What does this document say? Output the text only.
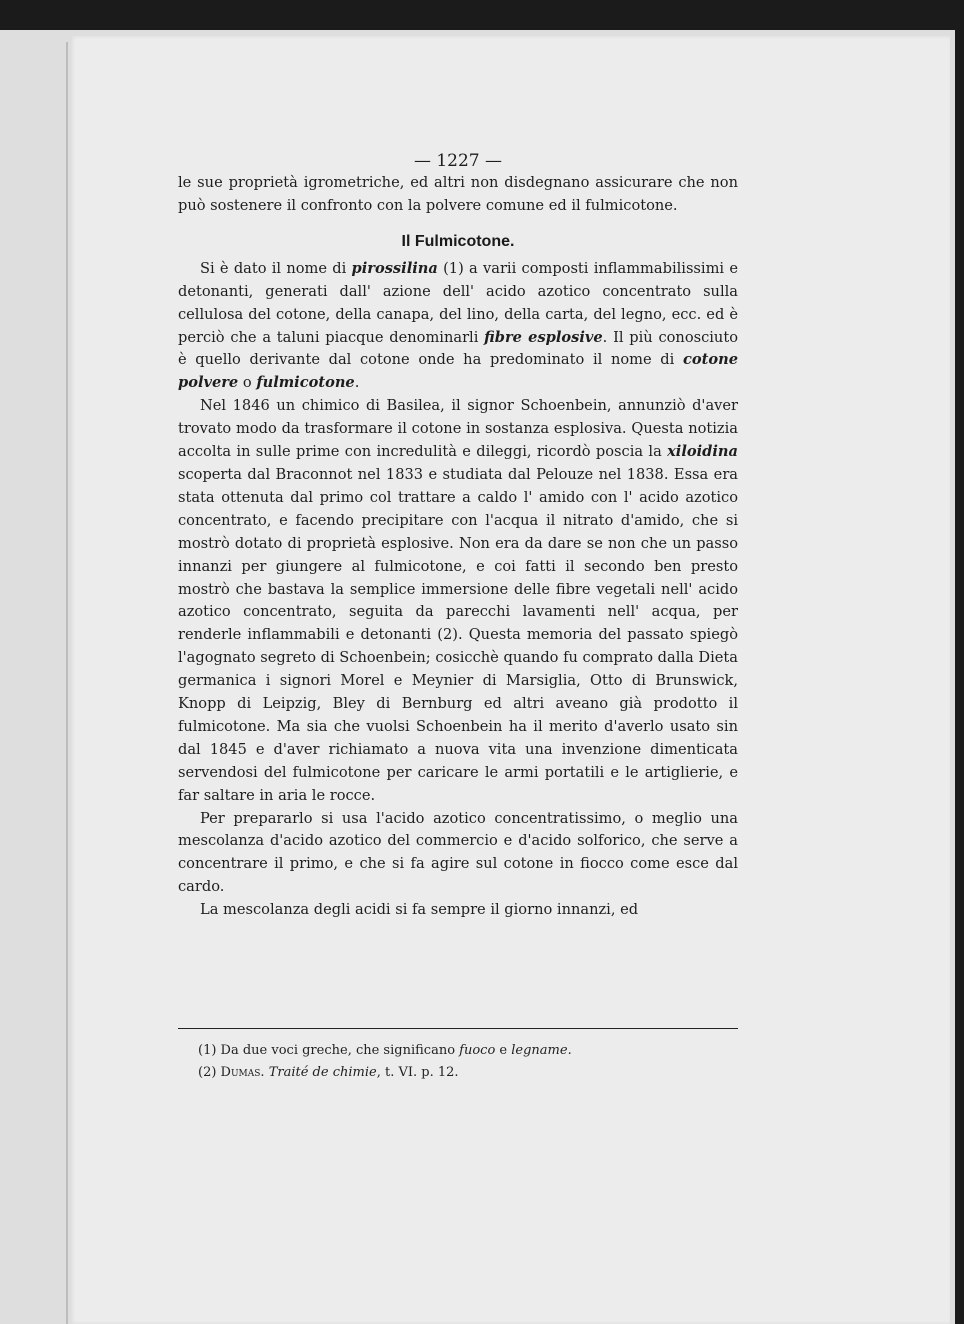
— 1227 —

le sue proprietà igrometriche, ed altri non disdegnano assicurare che non può sostenere il confronto con la polvere comune ed il fulmicotone.

Il Fulmicotone.

Si è dato il nome di pirossilina (1) a varii composti inflammabilissimi e detonanti, generati dall' azione dell' acido azotico concentrato sulla cellulosa del cotone, della canapa, del lino, della carta, del legno, ecc. ed è perciò che a taluni piacque denominarli fibre esplosive. Il più conosciuto è quello derivante dal cotone onde ha predominato il nome di cotone polvere o fulmicotone.

Nel 1846 un chimico di Basilea, il signor Schoenbein, annunziò d'aver trovato modo da trasformare il cotone in sostanza esplosiva. Questa notizia accolta in sulle prime con incredulità e dileggi, ricordò poscia la xiloidina scoperta dal Braconnot nel 1833 e studiata dal Pelouze nel 1838. Essa era stata ottenuta dal primo col trattare a caldo l' amido con l' acido azotico concentrato, e facendo precipitare con l'acqua il nitrato d'amido, che si mostrò dotato di proprietà esplosive. Non era da dare se non che un passo innanzi per giungere al fulmicotone, e coi fatti il secondo ben presto mostrò che bastava la semplice immersione delle fibre vegetali nell' acido azotico concentrato, seguita da parecchi lavamenti nell' acqua, per renderle inflammabili e detonanti (2). Questa memoria del passato spiegò l'agognato segreto di Schoenbein; cosicchè quando fu comprato dalla Dieta germanica i signori Morel e Meynier di Marsiglia, Otto di Brunswick, Knopp di Leipzig, Bley di Bernburg ed altri aveano già prodotto il fulmicotone. Ma sia che vuolsi Schoenbein ha il merito d'averlo usato sin dal 1845 e d'aver richiamato a nuova vita una invenzione dimenticata servendosi del fulmicotone per caricare le armi portatili e le artiglierie, e far saltare in aria le rocce.

Per prepararlo si usa l'acido azotico concentratissimo, o meglio una mescolanza d'acido azotico del commercio e d'acido solforico, che serve a concentrare il primo, e che si fa agire sul cotone in fiocco come esce dal cardo.

La mescolanza degli acidi si fa sempre il giorno innanzi, ed

(1) Da due voci greche, che significano fuoco e legname.

(2) Dumas. Traité de chimie, t. VI. p. 12.
